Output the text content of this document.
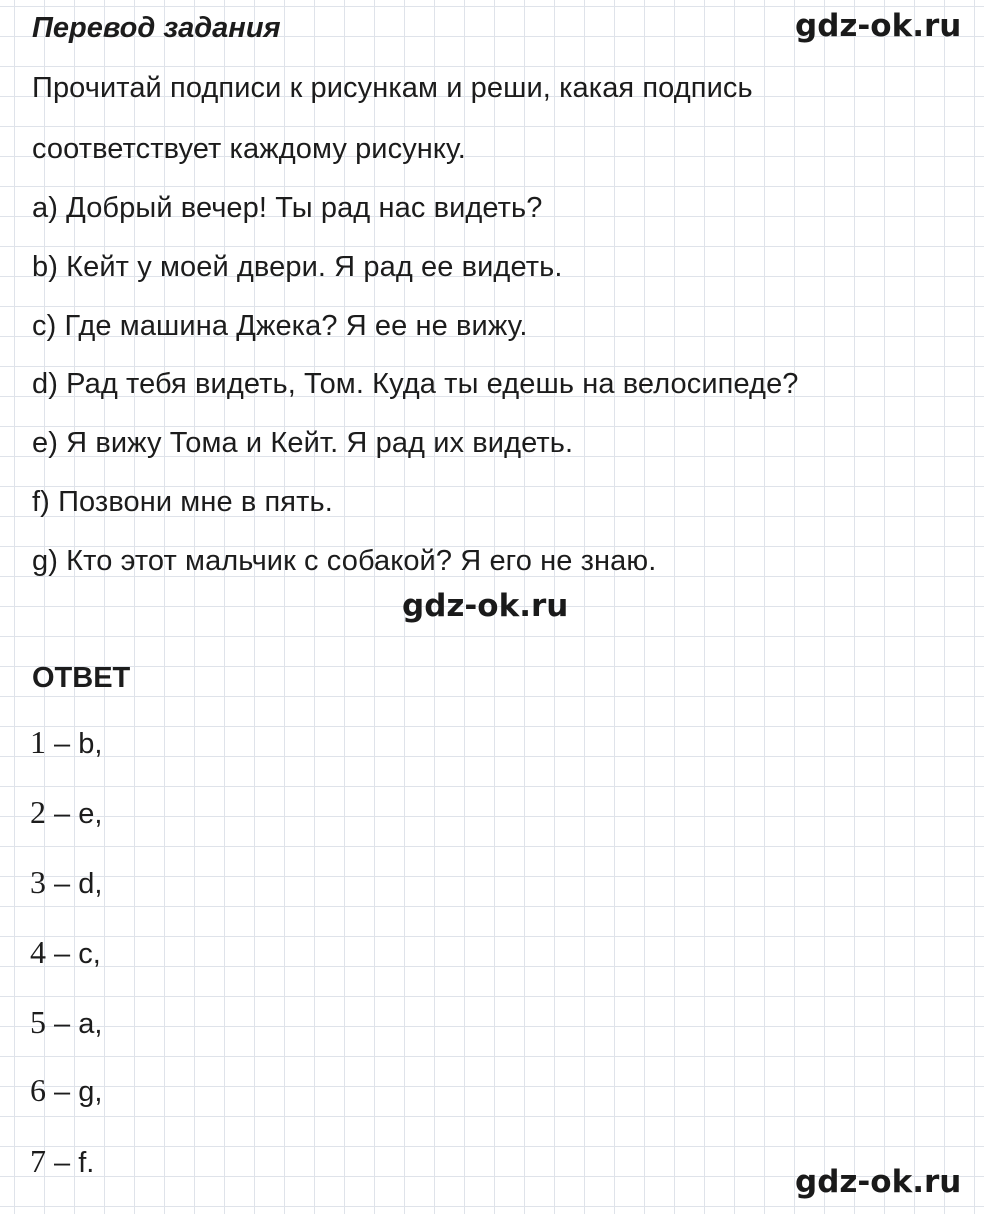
Перевод задания	gdz-ok.ru
Прочитай подписи к рисункам и реши, какая подпись
соответствует каждому рисунку.
a) Добрый вечер! Ты рад нас видеть?
b) Кейт у моей двери. Я рад ее видеть.
c) Где машина Джека? Я ее не вижу.
d) Рад тебя видеть, Том. Куда ты едешь на велосипеде?
e) Я вижу Тома и Кейт. Я рад их видеть.
f) Позвони мне в пять.
g) Кто этот мальчик с собакой? Я его не знаю.
gdz-ok.ru
ОТВЕТ
1 – b,
2 – e,
3 – d,
4 – c,
5 – a,
6 – g,
7 – f.
gdz-ok.ru
